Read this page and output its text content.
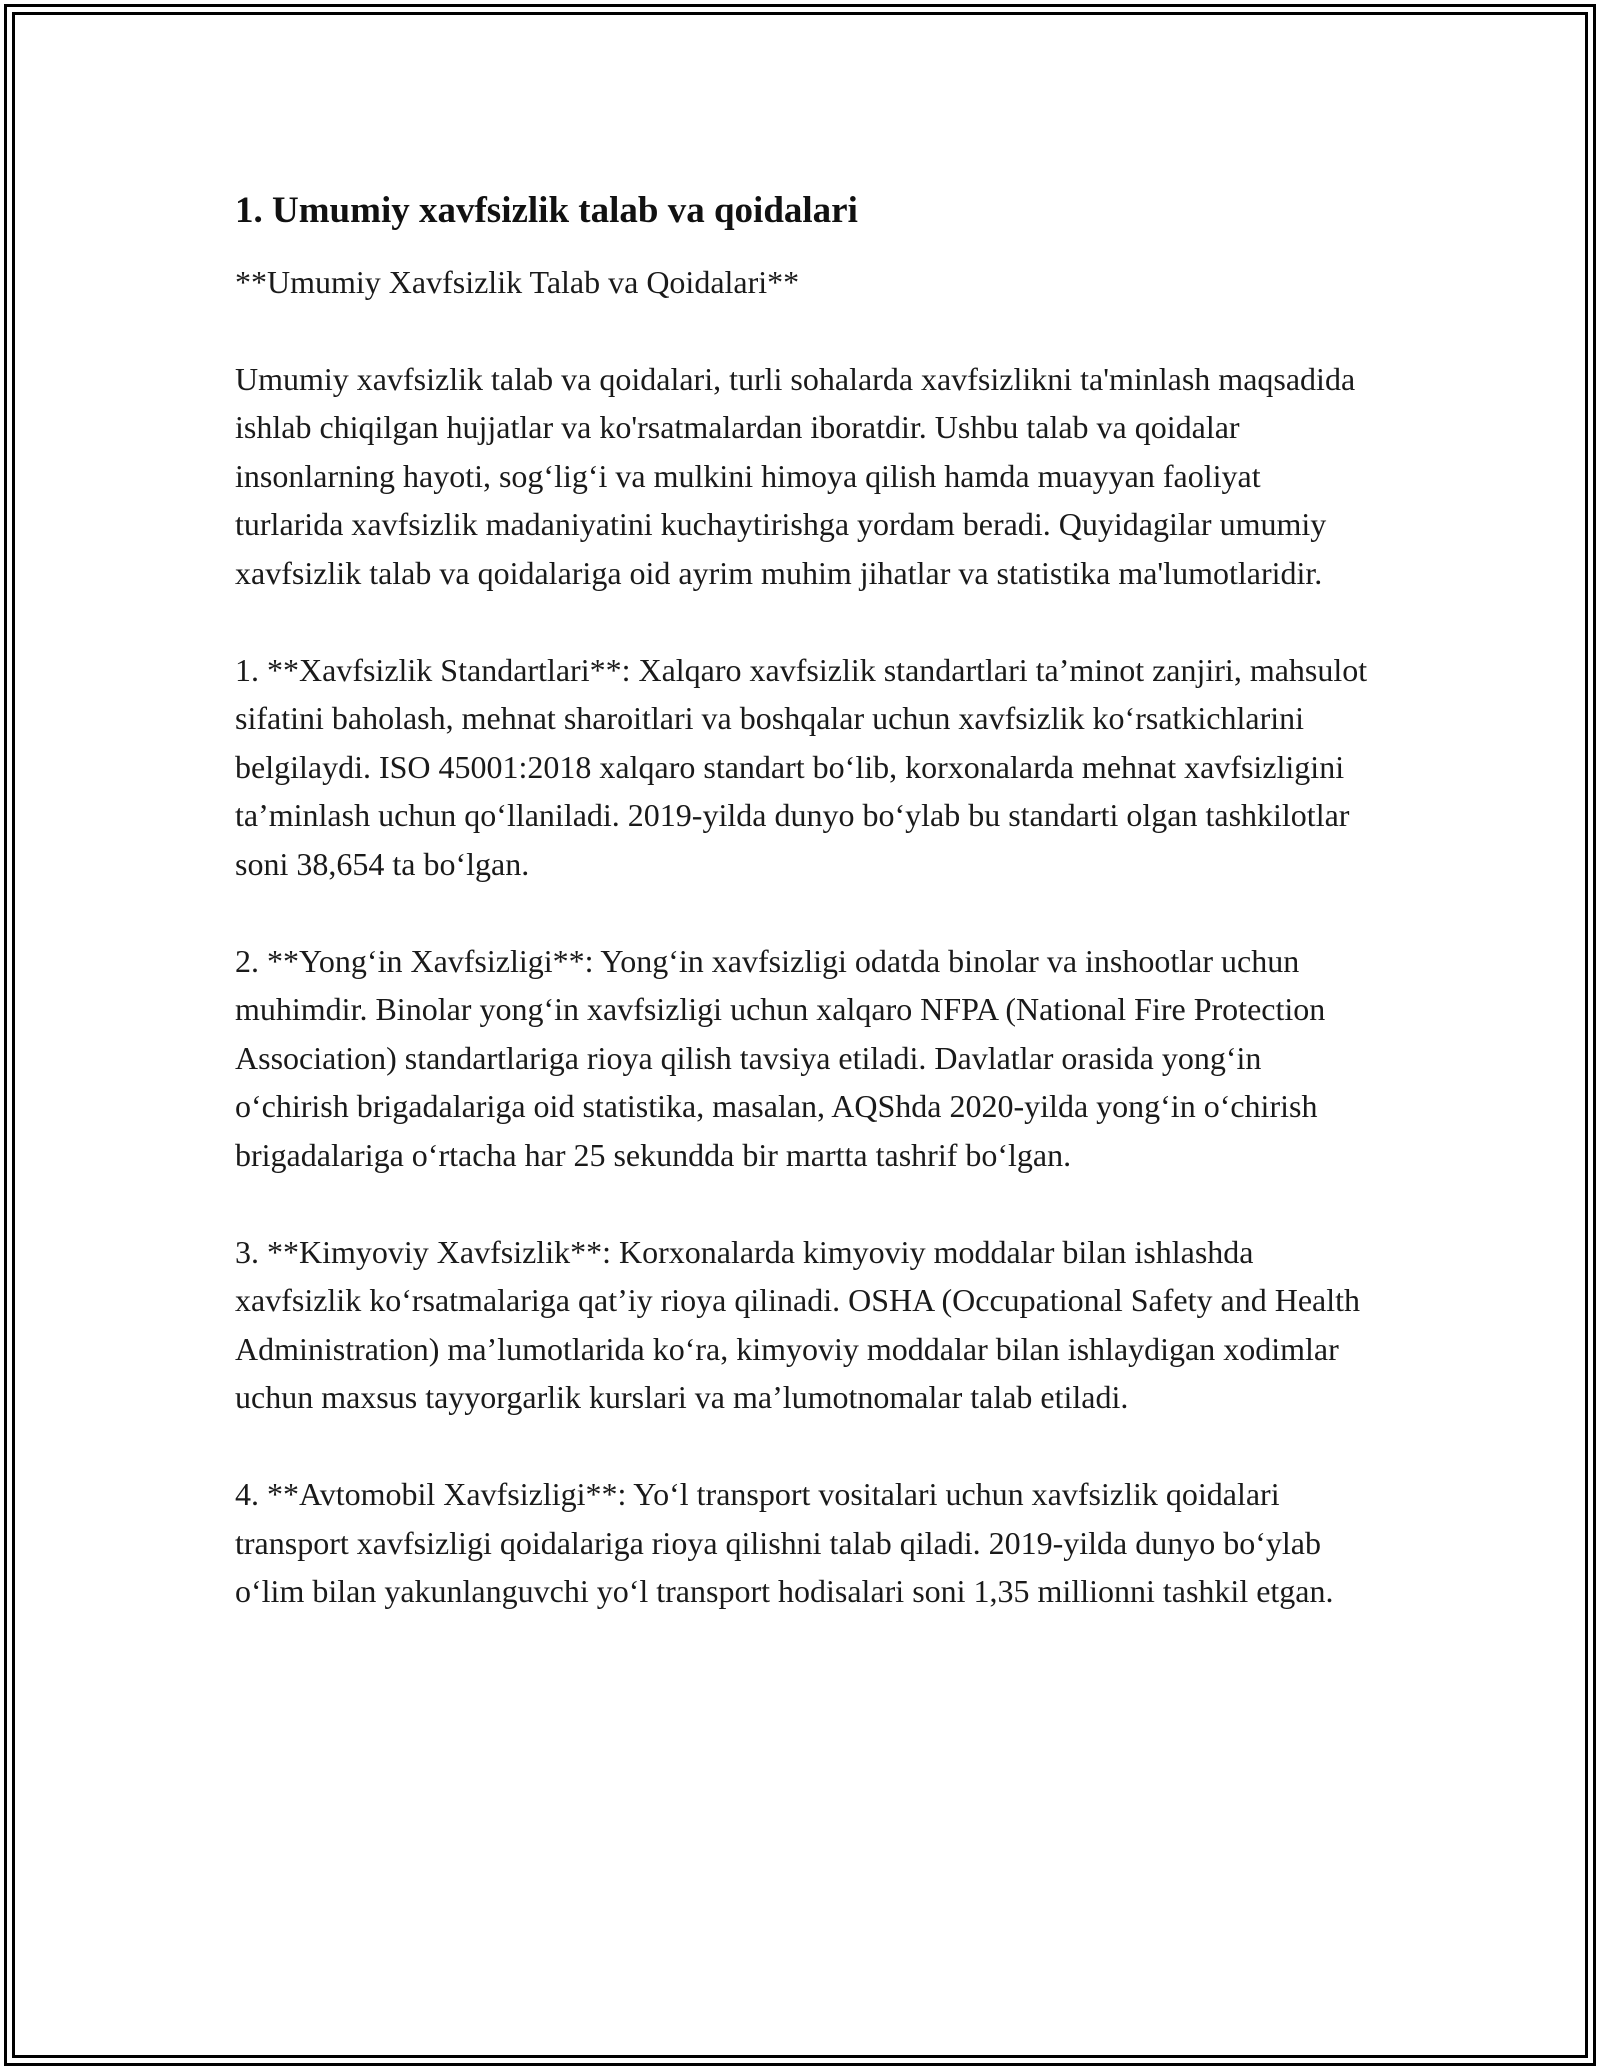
1. Umumiy xavfsizlik talab va qoidalari

**Umumiy Xavfsizlik Talab va Qoidalari**

Umumiy xavfsizlik talab va qoidalari, turli sohalarda xavfsizlikni ta'minlash maqsadida ishlab chiqilgan hujjatlar va ko'rsatmalardan iboratdir. Ushbu talab va qoidalar insonlarning hayoti, sog‘lig‘i va mulkini himoya qilish hamda muayyan faoliyat turlarida xavfsizlik madaniyatini kuchaytirishga yordam beradi. Quyidagilar umumiy xavfsizlik talab va qoidalariga oid ayrim muhim jihatlar va statistika ma'lumotlaridir.

1. **Xavfsizlik Standartlari**: Xalqaro xavfsizlik standartlari ta’minot zanjiri, mahsulot sifatini baholash, mehnat sharoitlari va boshqalar uchun xavfsizlik ko‘rsatkichlarini belgilaydi. ISO 45001:2018 xalqaro standart bo‘lib, korxonalarda mehnat xavfsizligini ta’minlash uchun qo‘llaniladi. 2019-yilda dunyo bo‘ylab bu standarti olgan tashkilotlar soni 38,654 ta bo‘lgan.

2. **Yong‘in Xavfsizligi**: Yong‘in xavfsizligi odatda binolar va inshootlar uchun muhimdir. Binolar yong‘in xavfsizligi uchun xalqaro NFPA (National Fire Protection Association) standartlariga rioya qilish tavsiya etiladi. Davlatlar orasida yong‘in o‘chirish brigadalariga oid statistika, masalan, AQShda 2020-yilda yong‘in o‘chirish brigadalariga o‘rtacha har 25 sekundda bir martta tashrif bo‘lgan.

3. **Kimyoviy Xavfsizlik**: Korxonalarda kimyoviy moddalar bilan ishlashda xavfsizlik ko‘rsatmalariga qat’iy rioya qilinadi. OSHA (Occupational Safety and Health Administration) ma’lumotlarida ko‘ra, kimyoviy moddalar bilan ishlaydigan xodimlar uchun maxsus tayyorgarlik kurslari va ma’lumotnomalar talab etiladi.

4. **Avtomobil Xavfsizligi**: Yo‘l transport vositalari uchun xavfsizlik qoidalari transport xavfsizligi qoidalariga rioya qilishni talab qiladi. 2019-yilda dunyo bo‘ylab o‘lim bilan yakunlanguvchi yo‘l transport hodisalari soni 1,35 millionni tashkil etgan.
